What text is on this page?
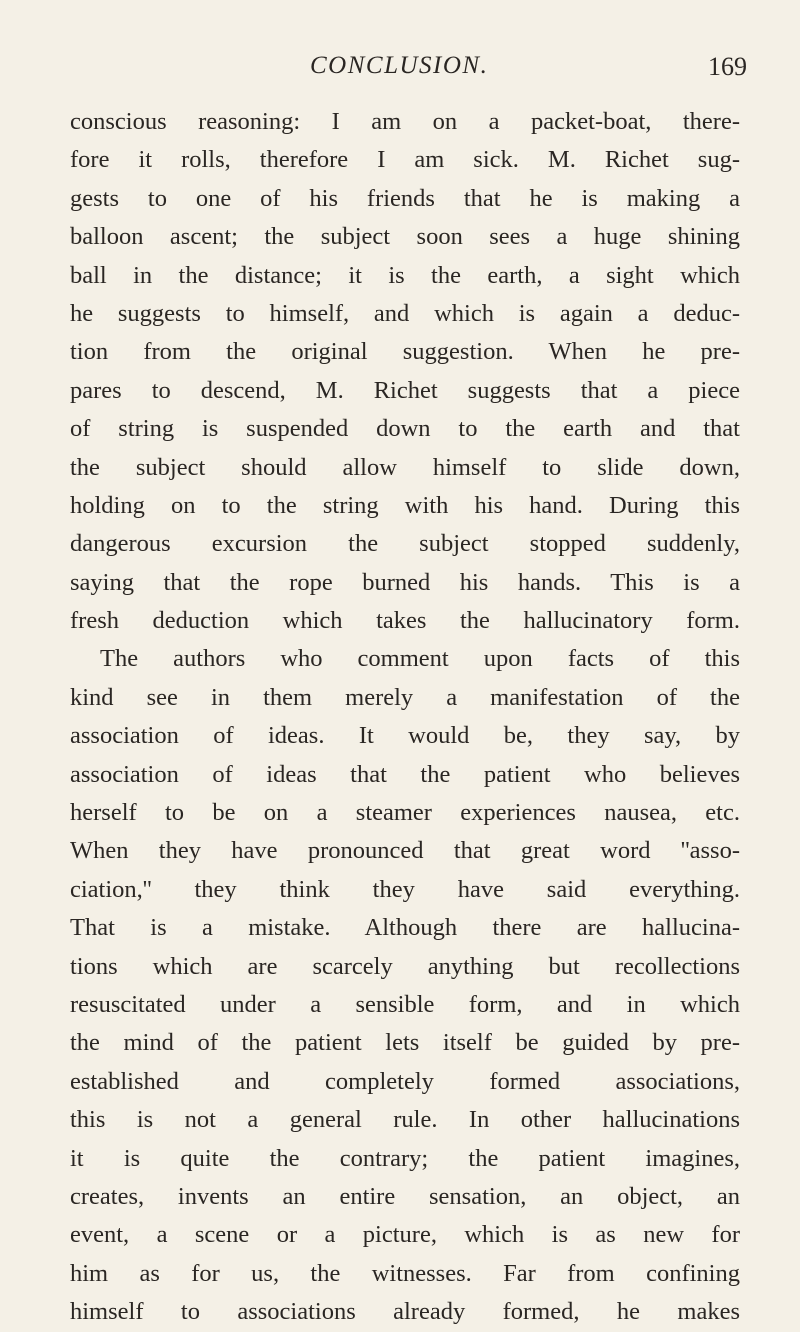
CONCLUSION.	169
conscious reasoning: I am on a packet-boat, there-
fore it rolls, therefore I am sick. M. Richet sug-
gests to one of his friends that he is making a
balloon ascent; the subject soon sees a huge shining
ball in the distance; it is the earth, a sight which
he suggests to himself, and which is again a deduc-
tion from the original suggestion. When he pre-
pares to descend, M. Richet suggests that a piece
of string is suspended down to the earth and that
the subject should allow himself to slide down,
holding on to the string with his hand. During this
dangerous excursion the subject stopped suddenly,
saying that the rope burned his hands. This is a
fresh deduction which takes the hallucinatory form.
The authors who comment upon facts of this
kind see in them merely a manifestation of the
association of ideas. It would be, they say, by
association of ideas that the patient who believes
herself to be on a steamer experiences nausea, etc.
When they have pronounced that great word ''asso-
ciation,'' they think they have said everything.
That is a mistake. Although there are hallucina-
tions which are scarcely anything but recollections
resuscitated under a sensible form, and in which
the mind of the patient lets itself be guided by pre-
established and completely formed associations,
this is not a general rule. In other hallucinations
it is quite the contrary; the patient imagines,
creates, invents an entire sensation, an object, an
event, a scene or a picture, which is as new for
him as for us, the witnesses. Far from confining
himself to associations already formed, he makes
